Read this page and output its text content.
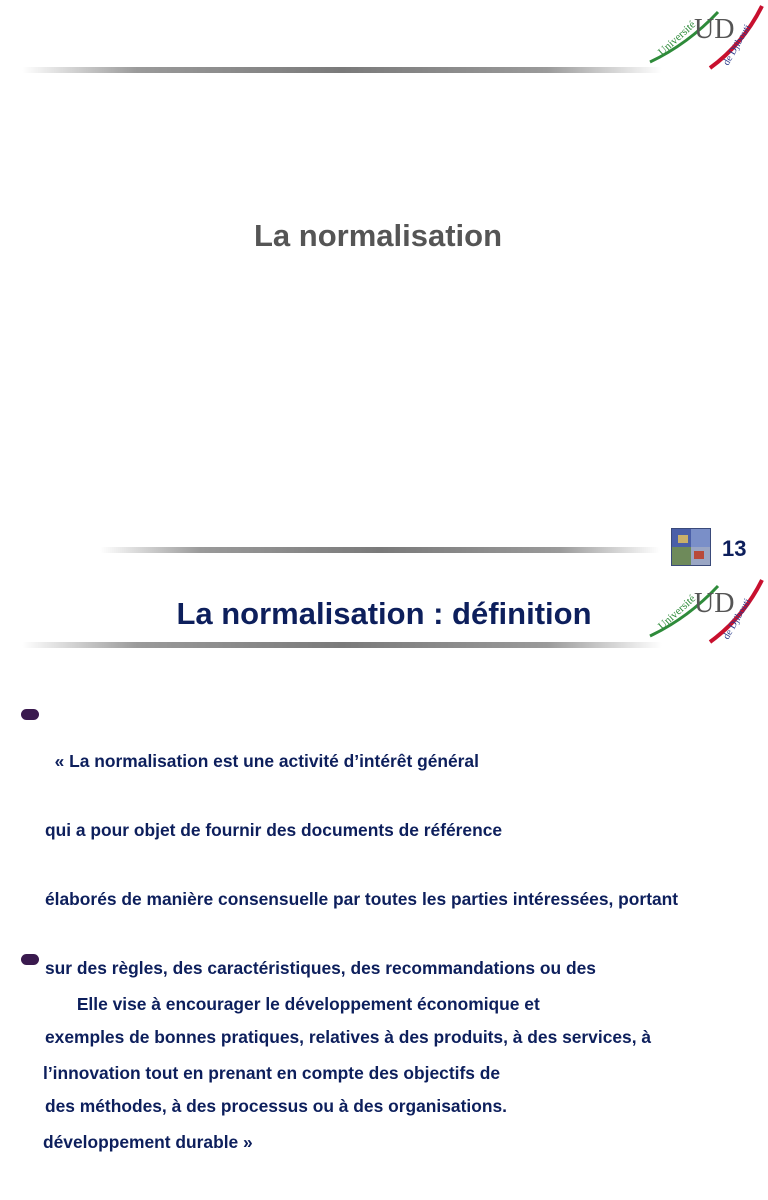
Université
UD
de Djibouti
La normalisation
13
La normalisation : définition	Université
UD
de Djibouti

« La normalisation est une activité d’intérêt général

qui a pour objet de fournir des documents de référence

élaborés de manière consensuelle par toutes les parties intéressées, portant

sur des règles, des caractéristiques, des recommandations ou des

exemples de bonnes pratiques, relatives à des produits, à des services, à

des méthodes, à des processus ou à des organisations.

Elle vise à encourager le développement économique et

l’innovation tout en prenant en compte des objectifs de

développement durable »
